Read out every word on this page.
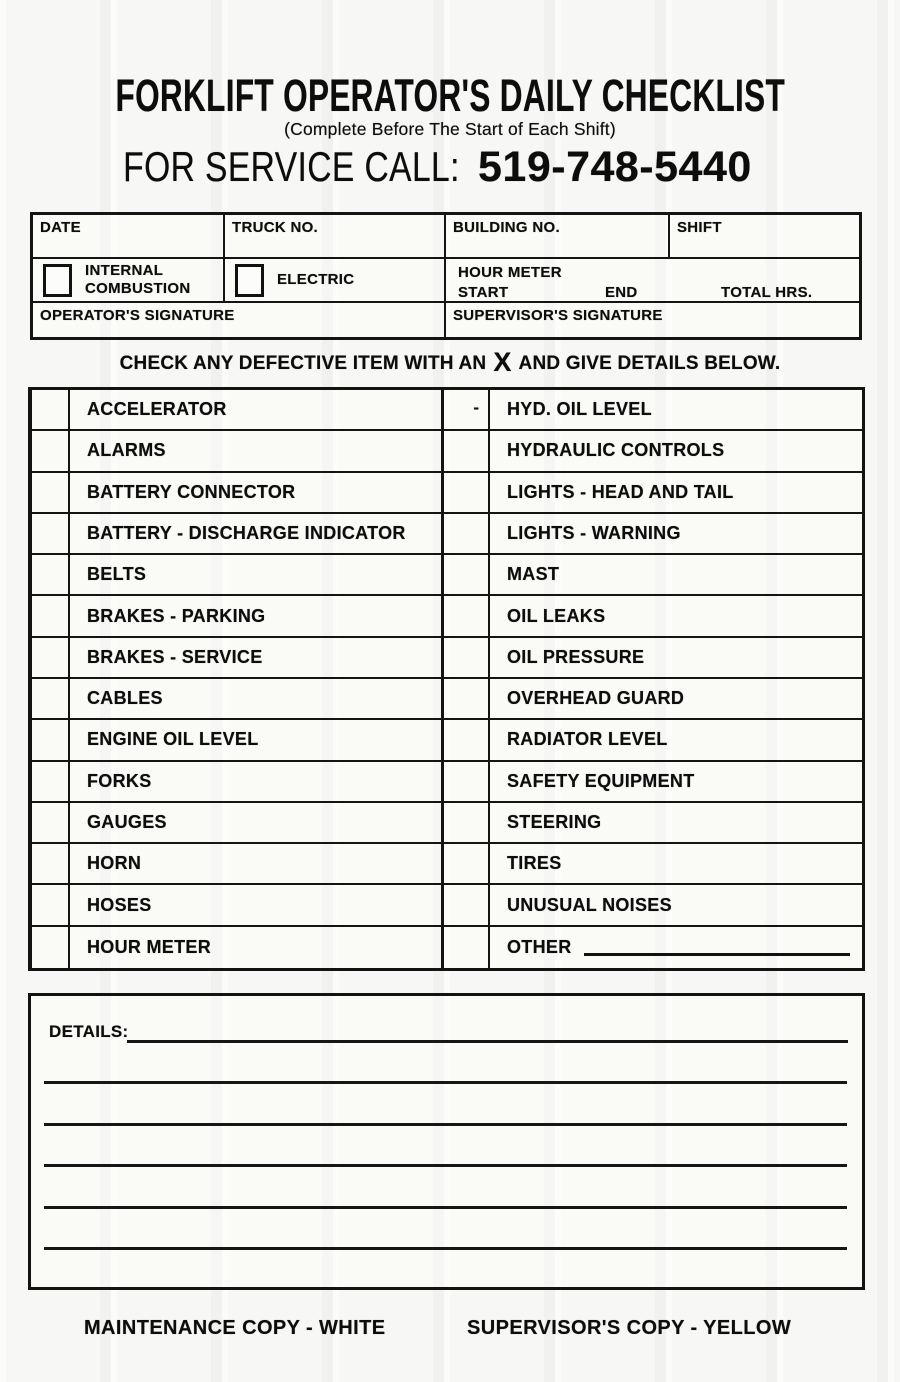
FORKLIFT OPERATOR'S DAILY CHECKLIST
(Complete Before The Start of Each Shift)
FOR SERVICE CALL: 519-748-5440
DATE	TRUCK NO.	BUILDING NO.	SHIFT
INTERNAL COMBUSTION
ELECTRIC	HOUR METER
START	END	TOTAL HRS.
OPERATOR'S SIGNATURE	SUPERVISOR'S SIGNATURE
CHECK ANY DEFECTIVE ITEM WITH AN X AND GIVE DETAILS BELOW.
ACCELERATOR	- HYD. OIL LEVEL
ALARMS	HYDRAULIC CONTROLS
BATTERY CONNECTOR	LIGHTS - HEAD AND TAIL
BATTERY - DISCHARGE INDICATOR	LIGHTS - WARNING
BELTS	MAST
BRAKES - PARKING	OIL LEAKS
BRAKES - SERVICE	OIL PRESSURE
CABLES	OVERHEAD GUARD
ENGINE OIL LEVEL	RADIATOR LEVEL
FORKS	SAFETY EQUIPMENT
GAUGES	STEERING
HORN	TIRES
HOSES	UNUSUAL NOISES
HOUR METER	OTHER
DETAILS:
MAINTENANCE COPY - WHITE	SUPERVISOR'S COPY - YELLOW
